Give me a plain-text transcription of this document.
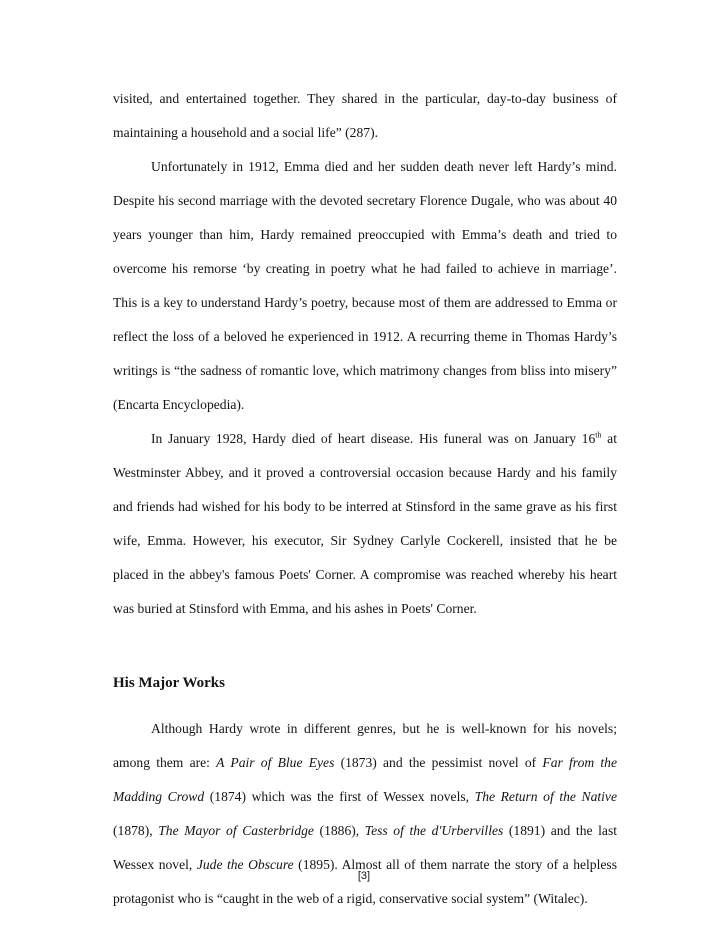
visited, and entertained together. They shared in the particular, day-to-day business of maintaining a household and a social life” (287).

Unfortunately in 1912, Emma died and her sudden death never left Hardy’s mind. Despite his second marriage with the devoted secretary Florence Dugale, who was about 40 years younger than him, Hardy remained preoccupied with Emma’s death and tried to overcome his remorse ‘by creating in poetry what he had failed to achieve in marriage’. This is a key to understand Hardy’s poetry, because most of them are addressed to Emma or reflect the loss of a beloved he experienced in 1912. A recurring theme in Thomas Hardy’s writings is “the sadness of romantic love, which matrimony changes from bliss into misery” (Encarta Encyclopedia).

In January 1928, Hardy died of heart disease. His funeral was on January 16th at Westminster Abbey, and it proved a controversial occasion because Hardy and his family and friends had wished for his body to be interred at Stinsford in the same grave as his first wife, Emma. However, his executor, Sir Sydney Carlyle Cockerell, insisted that he be placed in the abbey's famous Poets' Corner. A compromise was reached whereby his heart was buried at Stinsford with Emma, and his ashes in Poets' Corner.

His Major Works

Although Hardy wrote in different genres, but he is well-known for his novels; among them are: A Pair of Blue Eyes (1873) and the pessimist novel of Far from the Madding Crowd (1874) which was the first of Wessex novels, The Return of the Native (1878), The Mayor of Casterbridge (1886), Tess of the d'Urbervilles (1891) and the last Wessex novel, Jude the Obscure (1895). Almost all of them narrate the story of a helpless protagonist who is “caught in the web of a rigid, conservative social system” (Witalec).

[3]
